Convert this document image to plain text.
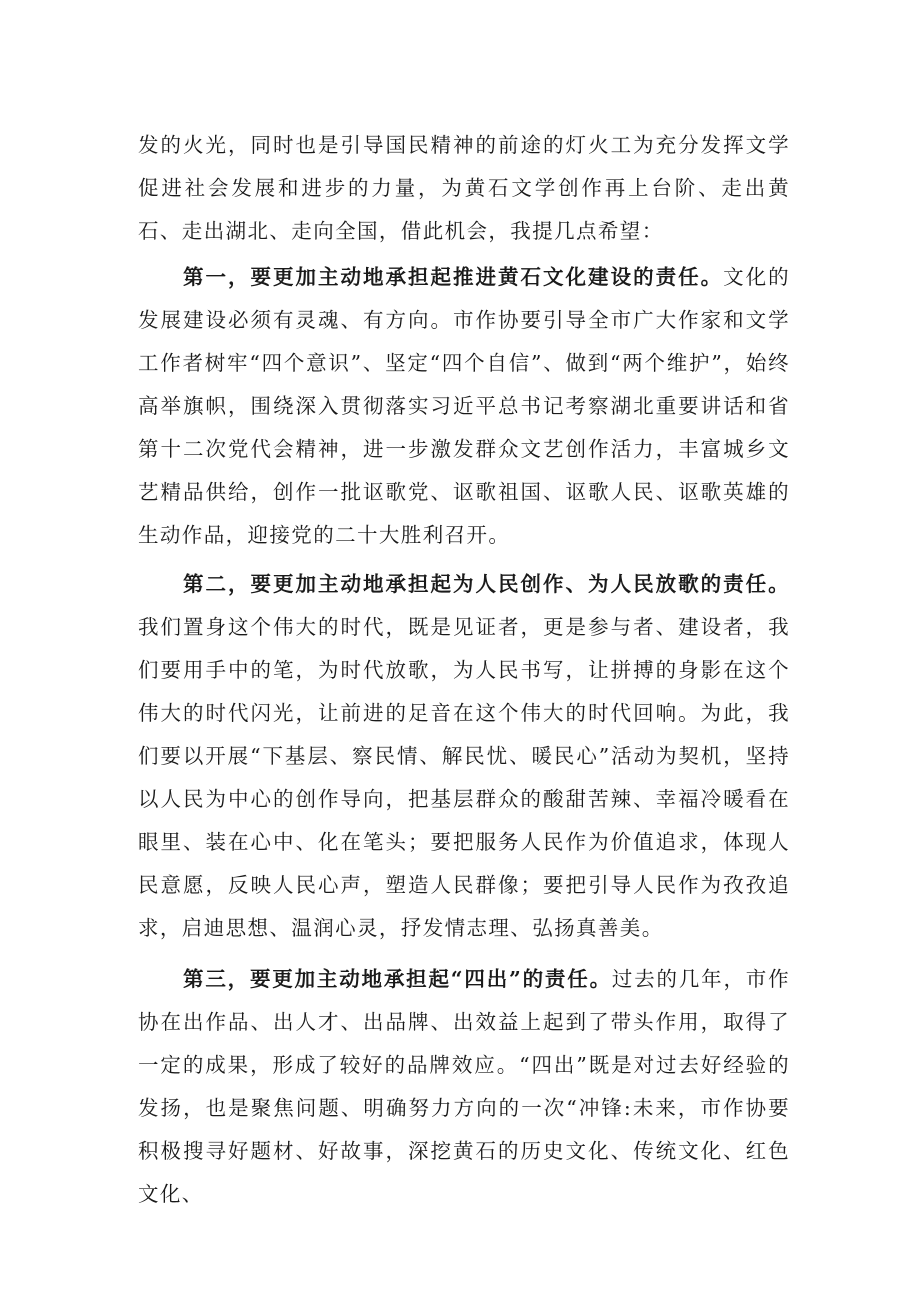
发的火光，同时也是引导国民精神的前途的灯火工为充分发挥文学促进社会发展和进步的力量，为黄石文学创作再上台阶、走出黄石、走出湖北、走向全国，借此机会，我提几点希望：

第一，要更加主动地承担起推进黄石文化建设的责任。文化的发展建设必须有灵魂、有方向。市作协要引导全市广大作家和文学工作者树牢“四个意识”、坚定“四个自信”、做到“两个维护”，始终高举旗帜，围绕深入贯彻落实习近平总书记考察湖北重要讲话和省第十二次党代会精神，进一步激发群众文艺创作活力，丰富城乡文艺精品供给，创作一批讴歌党、讴歌祖国、讴歌人民、讴歌英雄的生动作品，迎接党的二十大胜利召开。

第二，要更加主动地承担起为人民创作、为人民放歌的责任。我们置身这个伟大的时代，既是见证者，更是参与者、建设者，我们要用手中的笔，为时代放歌，为人民书写，让拼搏的身影在这个伟大的时代闪光，让前进的足音在这个伟大的时代回响。为此，我们要以开展“下基层、察民情、解民忧、暖民心”活动为契机，坚持以人民为中心的创作导向，把基层群众的酸甜苦辣、幸福冷暖看在眼里、装在心中、化在笔头；要把服务人民作为价值追求，体现人民意愿，反映人民心声，塑造人民群像；要把引导人民作为孜孜追求，启迪思想、温润心灵，抒发情志理、弘扬真善美。

第三，要更加主动地承担起“四出”的责任。过去的几年，市作协在出作品、出人才、出品牌、出效益上起到了带头作用，取得了一定的成果，形成了较好的品牌效应。“四出”既是对过去好经验的发扬，也是聚焦问题、明确努力方向的一次“冲锋:未来，市作协要积极搜寻好题材、好故事，深挖黄石的历史文化、传统文化、红色文化、
